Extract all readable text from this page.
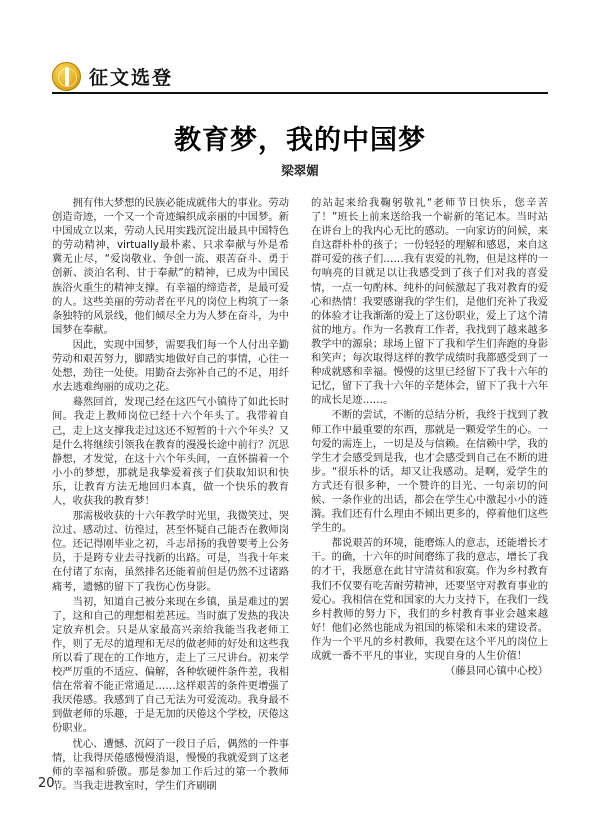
征文选登
教育梦，我的中国梦
梁翠媚

拥有伟大梦想的民族必能成就伟大的事业。劳动创造奇迹，一个又一个奇迹编织成亲丽的中国梦。新中国成立以来，劳动人民用实践沉淀出最具中国特色的劳动精神，virtually最朴素、只求奉献与外是希冀无止尽，“爱岗敬业、争创一流、艰苦奋斗、勇于创新、淡泊名利、甘于奉献”的精神，已成为中国民族浴火重生的精神支撑。有幸福的缔造者，是最可爱的人。这些美丽的劳动者在平凡的岗位上构筑了一条条独特的风景线，他们倾尽全力为人梦在奋斗，为中国梦在奉献。

因此，实现中国梦，需要我们每一个人付出辛勤劳动和艰苦努力，脚踏实地做好自己的事情，心往一处想，劲往一处使。用勤奋去弥补自己的不足，用纤水去逃难绚丽的成功之花。

蓦然回首，发现己经在这匹气小镇待了如此长时间。我走上教师岗位已经十六个年头了。我带着自己，走上这支撑我走过这还不短暂的十六个年头？又是什么将继续引领我在教育的漫漫长途中前行？沉思静想，才发觉，在这十六个年头间，一直怀揣着一个小小的梦想，那就是我挚爱着孩子们获取知识和快乐，让教育方法无地回归本真，做一个快乐的教育人，收获我的教育梦！

那需极收获的十六年教学时光里，我微笑过、哭泣过、感动过、彷徨过，甚至怀疑自己能否在教师岗位。还记得刚毕业之初，斗志昂扬的我曾要考上公务员，于是跨专业去寻找新的出路。可是，当我十年来在付诸了东南，虽然排名还能着前但是仍然不过诸路痛考，遗憾的留下了我伤心伤身影。

当初，知道自己被分来现在乡镇，虽是难过的罢了，这和自己的理想相差甚远。当时旗了发热的我决定放弃机会。只是从家最高兴亲给我能当我老师工作，则了无尽的道理和无尽的做老师的好处和这些我所以看了现在的工作地方，走上了三尺讲台。初来学校严厉重的不适应、偏解，各种软硬件条件差，我相信在常着不能正常通足……这样艰苦的条件更增强了我厌倦感。我感到了自己无法为可爱流动。我身最不到做老师的乐趣，于是无加的厌倦这个学校，厌倦这份职业。

忧心、遭憾、沉闷了一段日子后，偶然的一件事情，让我得厌倦感慢慢消退，慢慢的我就爱到了这老师的幸福和骄傲。那是参加工作后过的第一个教师节。当我走进教室时，学生们齐刷刷

的站起来给我鞠躬敬礼“老师节日快乐，您辛苦了！”班长上前来送给我一个崭新的笔记本。当时站在讲台上的我内心无比的感动。一向家访的问候，来自这群朴朴的孩子；一份轻轻的理解和感恩，来自这群可爱的孩子们……我有衷爱的礼物，但是这样的一句响亮的目就足以让我感受到了孩子们对我的喜爱情，一点一句酌林、纯朴的问候激起了我对教育的爱心和热情！我要感谢我的学生们，是他们充补了我爱的体验才让我渐渐的爱上了这份职业，爱上了这个清贫的地方。作为一名教育工作者，我找到了越来越多教学中的源泉；球场上留下了我和学生们奔跑的身影和笑声；每次取得这样的教学成绩时我都感受到了一种成就感和幸福。慢慢的这里已经留下了我十六年的记忆，留下了我十六年的辛楚体会，留下了我十六年的成长足迹……。

不断的尝试，不断的总结分析，我终于找到了教师工作中最重要的东西，那就是一颗爱学生的心。一句爱的需连上，一切是及与信赖。在信赖中学，我的学生才会感受到是我，也才会感受到自己在不断的进步。“很乐朴的话，却又让我感动。是啊，爱学生的方式还有很多种，一个赞许的目光、一句亲切的问候、一条作业的出话，都会在学生心中激起小小的涟漪。我们还有什么理由不倾出更多的，停着他们这些学生的。

都说艰苦的环境，能磨炼人的意志，还能增长才干。的确，十六年的时间磨练了我的意志，增长了我的才干，我愿意在此甘守清贫和寂寞。作为乡村教育我们不仅要有吃苦耐劳精神，还要坚守对教育事业的爱心。我相信在党和国家的大力支持下，在我们一线乡村教师的努力下，我们的乡村教育事业会越来越好！他们必然也能成为祖国的栋梁和未来的建设者。作为一个平凡的乡村教师，我要在这个平凡的岗位上成就一番不平凡的事业，实现自身的人生价值！

（藤县同心镇中心校）

20
